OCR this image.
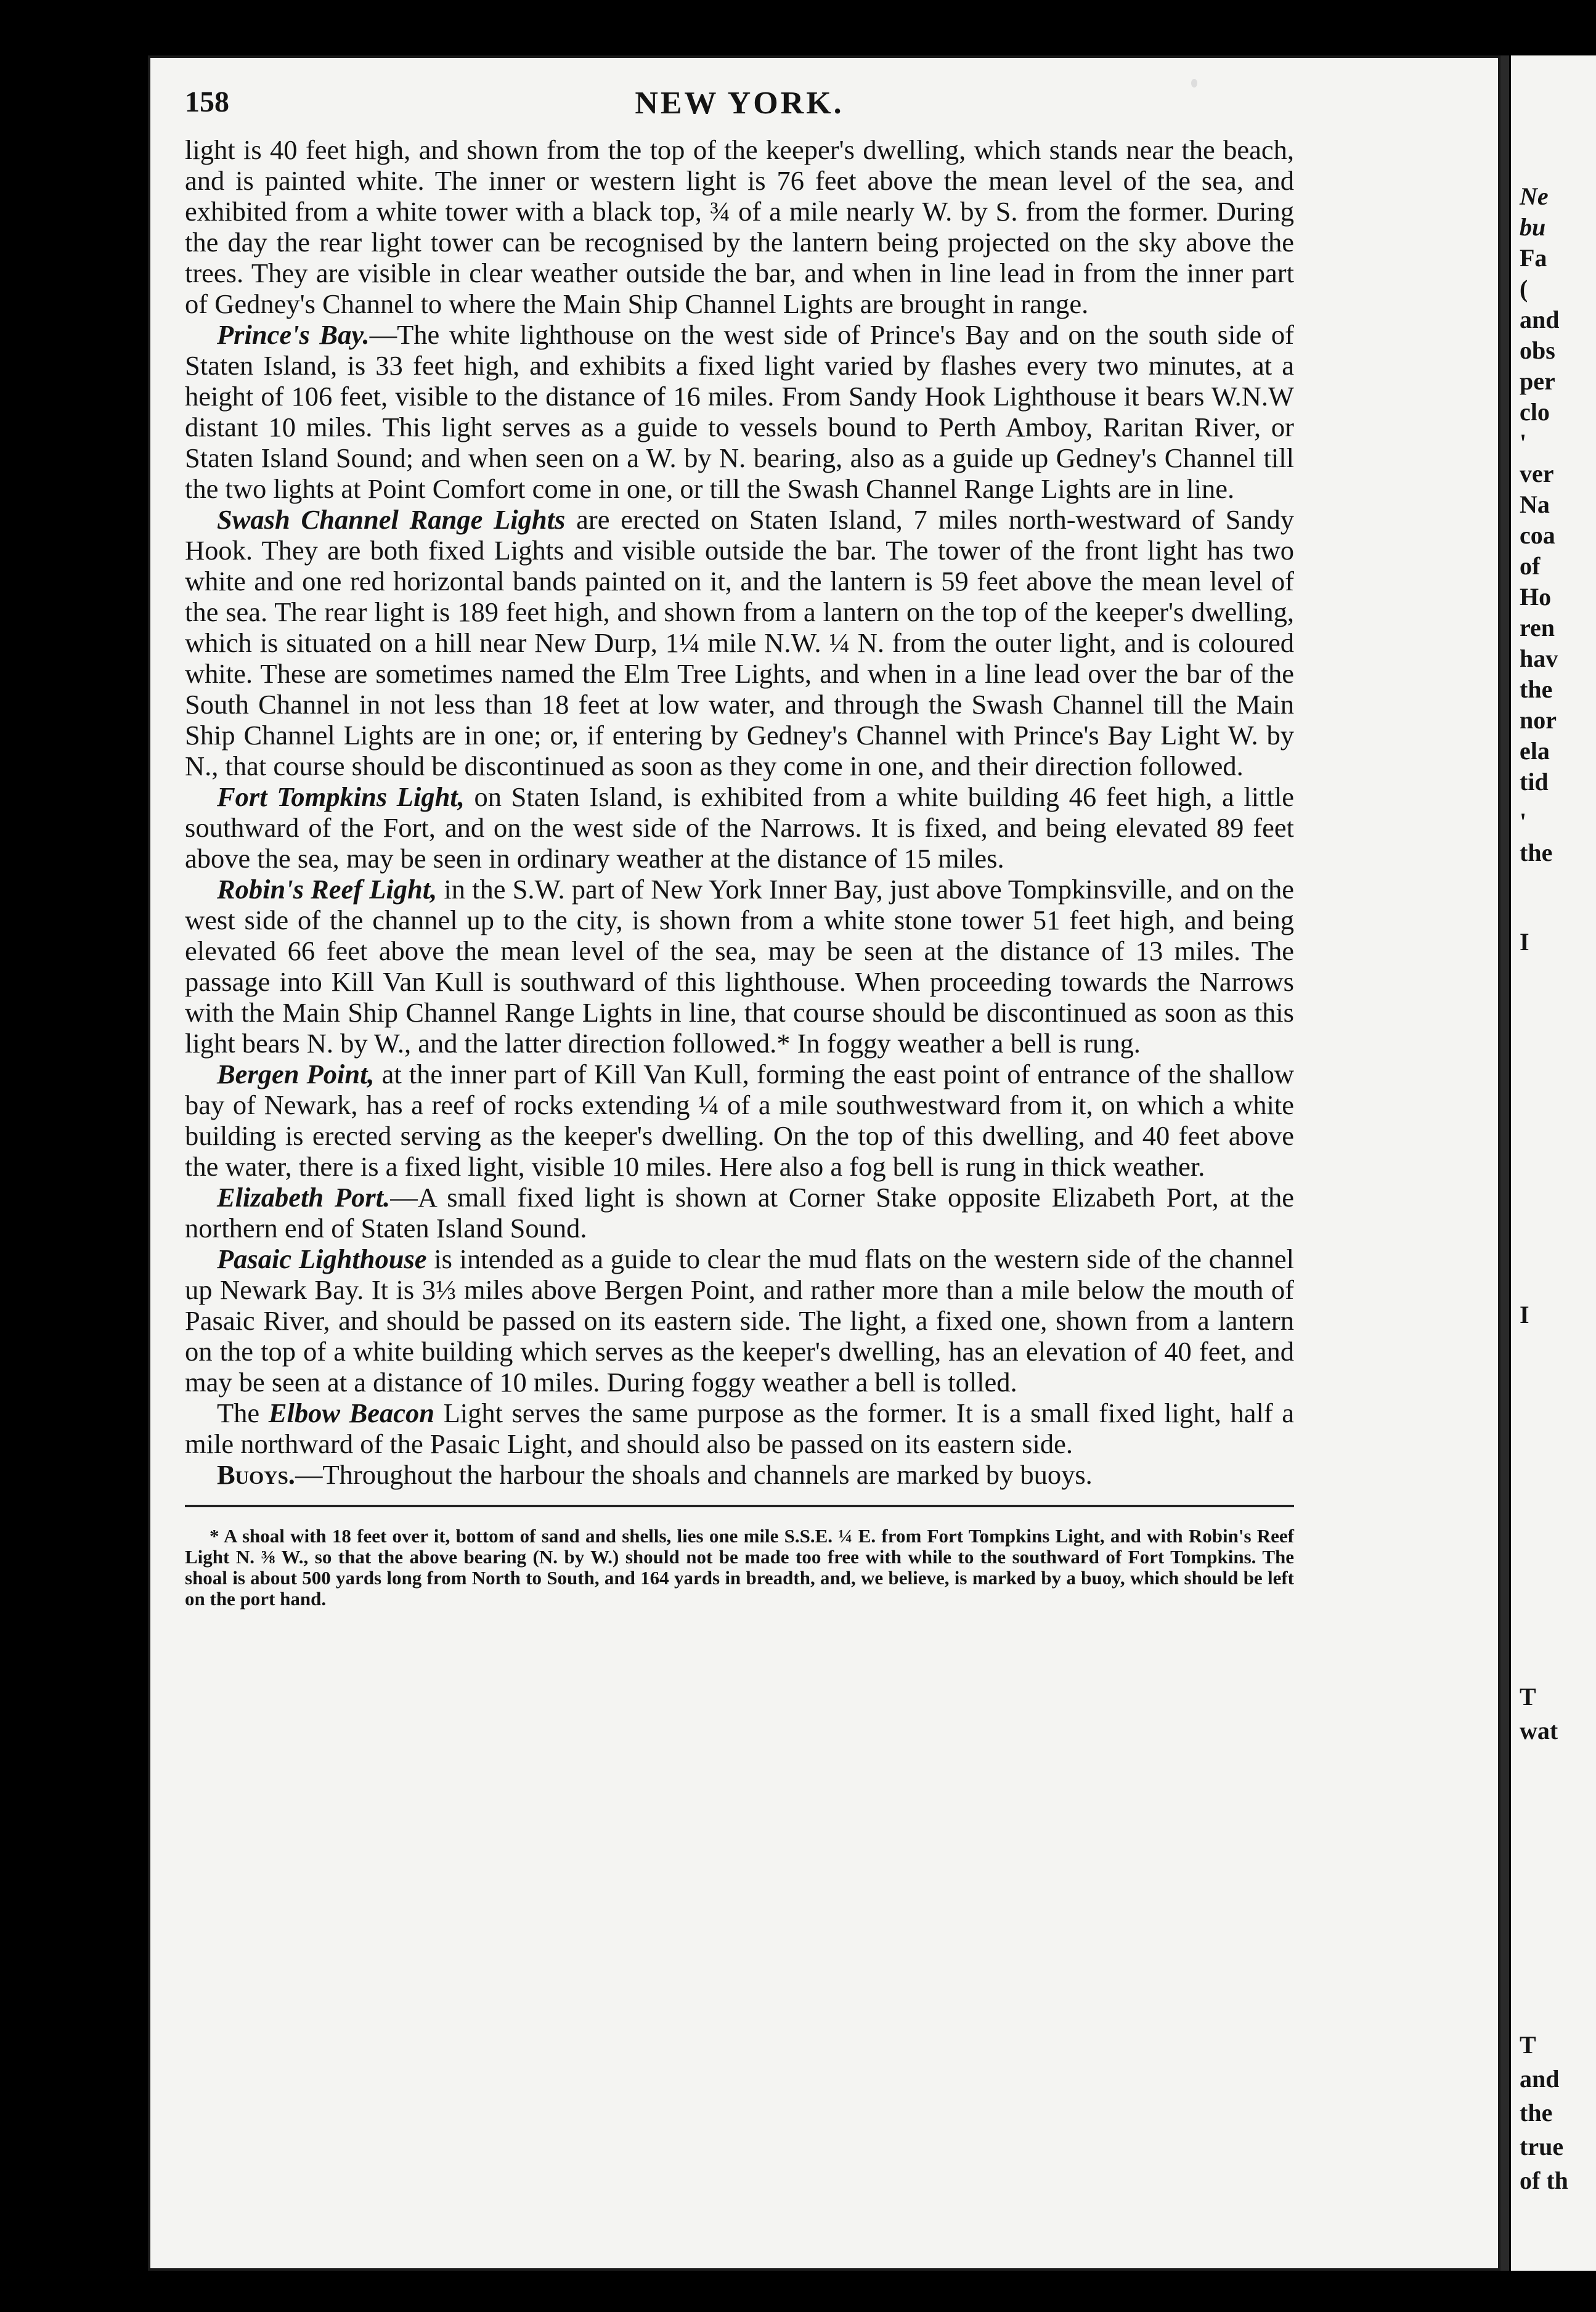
158	NEW YORK.

light is 40 feet high, and shown from the top of the keeper's dwelling, which stands near the beach, and is painted white. The inner or western light is 76 feet above the mean level of the sea, and exhibited from a white tower with a black top, ¾ of a mile nearly W. by S. from the former. During the day the rear light tower can be recognised by the lantern being projected on the sky above the trees. They are visible in clear weather outside the bar, and when in line lead in from the inner part of Gedney's Channel to where the Main Ship Channel Lights are brought in range.

Prince's Bay.—The white lighthouse on the west side of Prince's Bay and on the south side of Staten Island, is 33 feet high, and exhibits a fixed light varied by flashes every two minutes, at a height of 106 feet, visible to the distance of 16 miles. From Sandy Hook Lighthouse it bears W.N.W distant 10 miles. This light serves as a guide to vessels bound to Perth Amboy, Raritan River, or Staten Island Sound; and when seen on a W. by N. bearing, also as a guide up Gedney's Channel till the two lights at Point Comfort come in one, or till the Swash Channel Range Lights are in line.

Swash Channel Range Lights are erected on Staten Island, 7 miles north-westward of Sandy Hook. They are both fixed Lights and visible outside the bar. The tower of the front light has two white and one red horizontal bands painted on it, and the lantern is 59 feet above the mean level of the sea. The rear light is 189 feet high, and shown from a lantern on the top of the keeper's dwelling, which is situated on a hill near New Durp, 1¼ mile N.W. ¼ N. from the outer light, and is coloured white. These are sometimes named the Elm Tree Lights, and when in a line lead over the bar of the South Channel in not less than 18 feet at low water, and through the Swash Channel till the Main Ship Channel Lights are in one; or, if entering by Gedney's Channel with Prince's Bay Light W. by N., that course should be discontinued as soon as they come in one, and their direction followed.

Fort Tompkins Light, on Staten Island, is exhibited from a white building 46 feet high, a little southward of the Fort, and on the west side of the Narrows. It is fixed, and being elevated 89 feet above the sea, may be seen in ordinary weather at the distance of 15 miles.

Robin's Reef Light, in the S.W. part of New York Inner Bay, just above Tompkinsville, and on the west side of the channel up to the city, is shown from a white stone tower 51 feet high, and being elevated 66 feet above the mean level of the sea, may be seen at the distance of 13 miles. The passage into Kill Van Kull is southward of this lighthouse. When proceeding towards the Narrows with the Main Ship Channel Range Lights in line, that course should be discontinued as soon as this light bears N. by W., and the latter direction followed.* In foggy weather a bell is rung.

Bergen Point, at the inner part of Kill Van Kull, forming the east point of entrance of the shallow bay of Newark, has a reef of rocks extending ¼ of a mile southwestward from it, on which a white building is erected serving as the keeper's dwelling. On the top of this dwelling, and 40 feet above the water, there is a fixed light, visible 10 miles. Here also a fog bell is rung in thick weather.

Elizabeth Port.—A small fixed light is shown at Corner Stake opposite Elizabeth Port, at the northern end of Staten Island Sound.

Pasaic Lighthouse is intended as a guide to clear the mud flats on the western side of the channel up Newark Bay. It is 3⅓ miles above Bergen Point, and rather more than a mile below the mouth of Pasaic River, and should be passed on its eastern side. The light, a fixed one, shown from a lantern on the top of a white building which serves as the keeper's dwelling, has an elevation of 40 feet, and may be seen at a distance of 10 miles. During foggy weather a bell is tolled.

The Elbow Beacon Light serves the same purpose as the former. It is a small fixed light, half a mile northward of the Pasaic Light, and should also be passed on its eastern side.

Buoys.—Throughout the harbour the shoals and channels are marked by buoys.

* A shoal with 18 feet over it, bottom of sand and shells, lies one mile S.S.E. ¼ E. from Fort Tompkins Light, and with Robin's Reef Light N. ⅜ W., so that the above bearing (N. by W.) should not be made too free with while to the southward of Fort Tompkins. The shoal is about 500 yards long from North to South, and 164 yards in breadth, and, we believe, is marked by a buoy, which should be left on the port hand.

Ne
bu
Fa
(
and
obs
per
clo
'
ver
Na
coa
of
Ho
ren
hav
the
nor
ela
tid
'
the
I
I
T
wat
T
and
the
true
of th
